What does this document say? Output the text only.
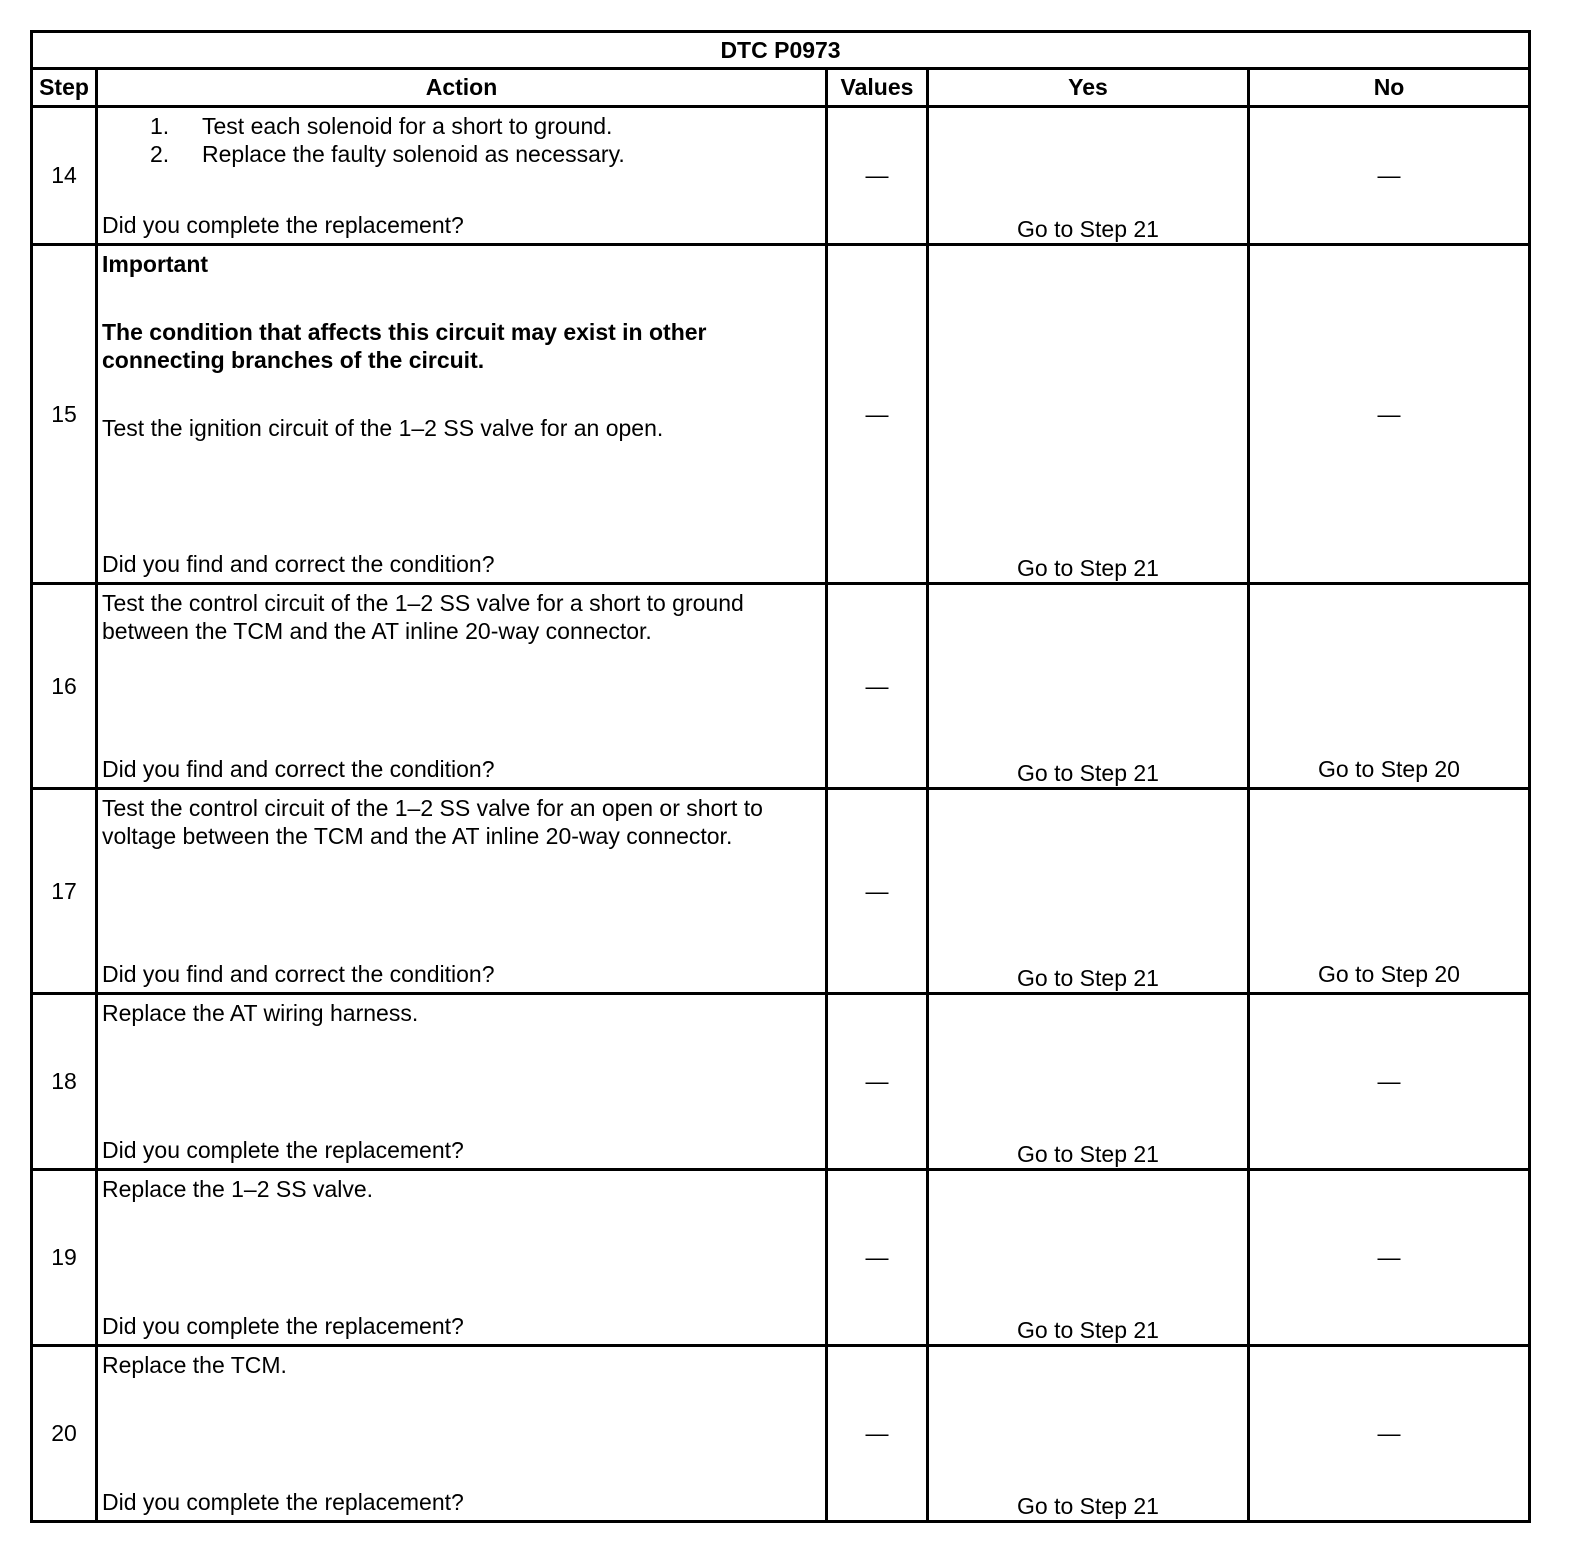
DTC P0973				
Step	Action	Values	Yes	No
14	1. Test each solenoid for a short to ground.
2. Replace the faulty solenoid as necessary.
Did you complete the replacement?	—	Go to Step 21	—
15	Important
The condition that affects this circuit may exist in other connecting branches of the circuit.
Test the ignition circuit of the 1–2 SS valve for an open.
Did you find and correct the condition?	—	Go to Step 21	—
16	Test the control circuit of the 1–2 SS valve for a short to ground between the TCM and the AT inline 20-way connector.
Did you find and correct the condition?	—	Go to Step 21	Go to Step 20
17	Test the control circuit of the 1–2 SS valve for an open or short to voltage between the TCM and the AT inline 20-way connector.
Did you find and correct the condition?	—	Go to Step 21	Go to Step 20
18	Replace the AT wiring harness.
Did you complete the replacement?	—	Go to Step 21	—
19	Replace the 1–2 SS valve.
Did you complete the replacement?	—	Go to Step 21	—
20	Replace the TCM.
Did you complete the replacement?	—	Go to Step 21	—
